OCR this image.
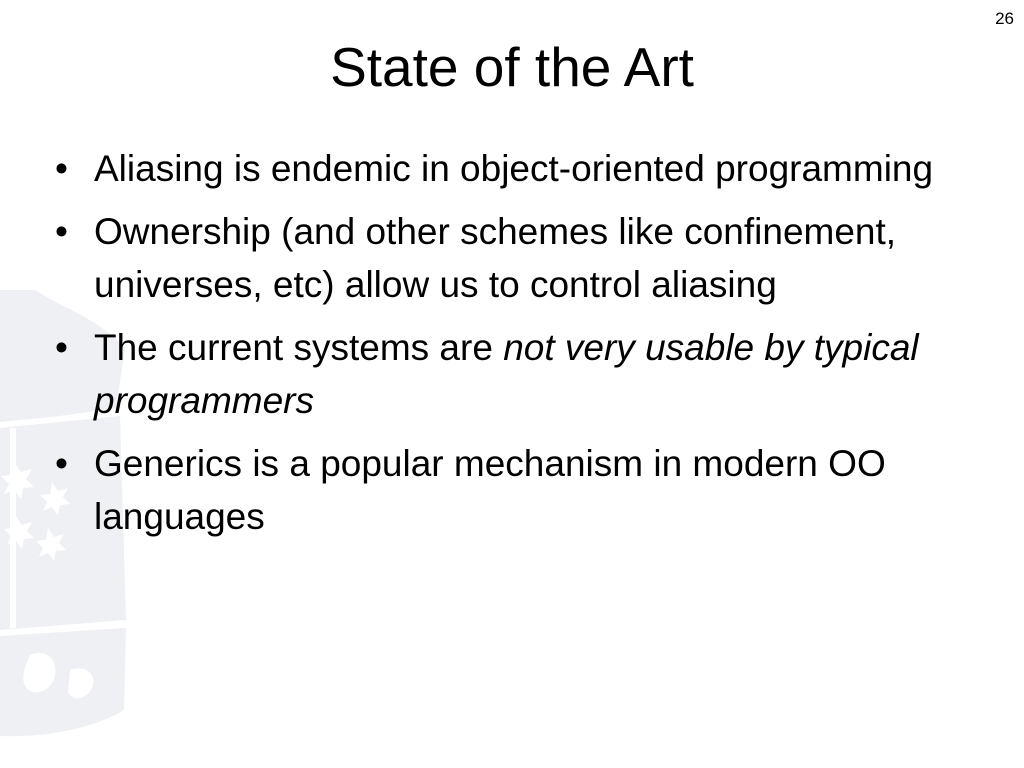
26
State of the Art
• Aliasing is endemic in object-oriented programming
• Ownership (and other schemes like confinement, universes, etc) allow us to control aliasing
• The current systems are not very usable by typical programmers
• Generics is a popular mechanism in modern OO languages
